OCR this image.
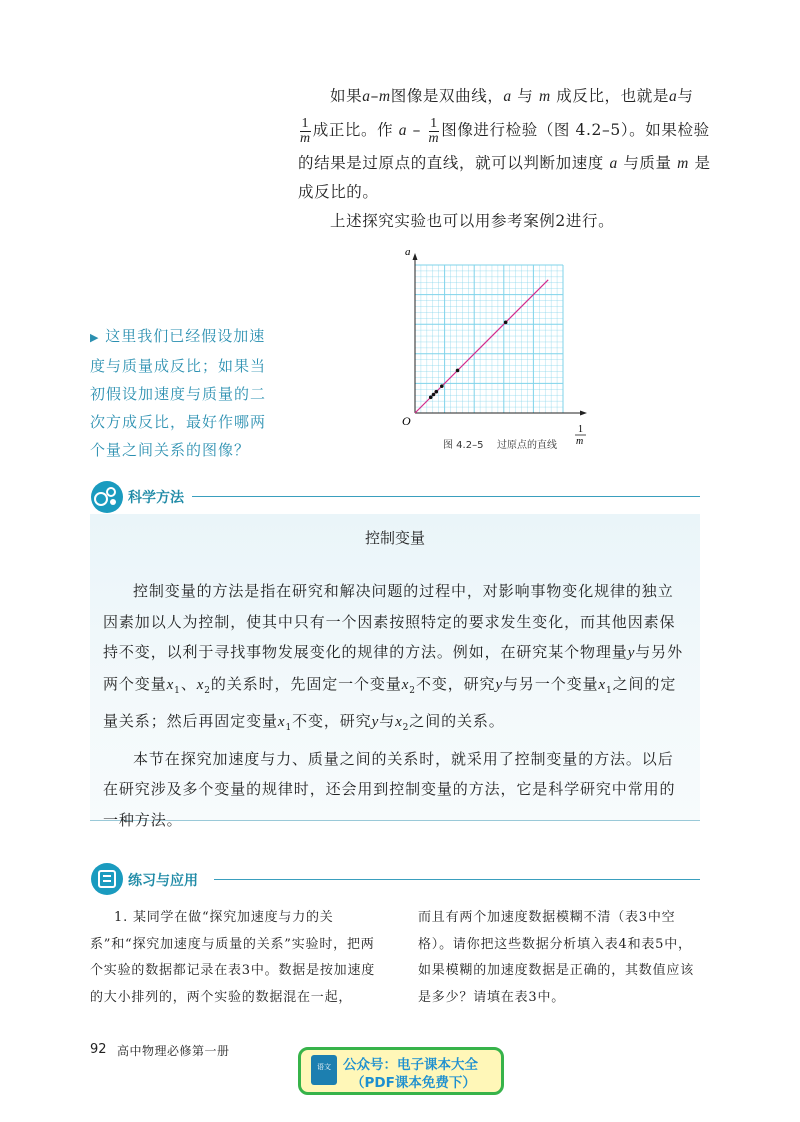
如果a–m图像是双曲线，a 与 m 成反比，也就是a与
$\frac{1}{m}$ 成正比。作 a – $\frac{1}{m}$ 图像进行检验（图 4.2–5）。如果检验
的结果是过原点的直线，就可以判断加速度 a 与质量 m 是
成反比的。
上述探究实验也可以用参考案例2进行。
▶ 这里我们已经假设加速度与质量成反比；如果当初假设加速度与质量的二次方成反比，最好作哪两个量之间关系的图像？
a
O
1
m
图 4.2–5 过原点的直线
科学方法
控制变量

控制变量的方法是指在研究和解决问题的过程中，对影响事物变化规律的独立因素加以人为控制，使其中只有一个因素按照特定的要求发生变化，而其他因素保持不变，以利于寻找事物发展变化的规律的方法。例如，在研究某个物理量y与另外两个变量$x_1$、$x_2$的关系时，先固定一个变量$x_2$不变，研究y与另一个变量$x_1$之间的定量关系；然后再固定变量$x_1$不变，研究y与$x_2$之间的关系。

本节在探究加速度与力、质量之间的关系时，就采用了控制变量的方法。以后在研究涉及多个变量的规律时，还会用到控制变量的方法，它是科学研究中常用的一种方法。

练习与应用
1. 某同学在做“探究加速度与力的关系”和“探究加速度与质量的关系”实验时，把两个实验的数据都记录在表3中。数据是按加速度的大小排列的，两个实验的数据混在一起，
而且有两个加速度数据模糊不清（表3中空格）。请你把这些数据分析填入表4和表5中，如果模糊的加速度数据是正确的，其数值应该是多少？请填在表3中。
92 高中物理必修第一册
语文 公众号：电子课本大全
（PDF课本免费下）
